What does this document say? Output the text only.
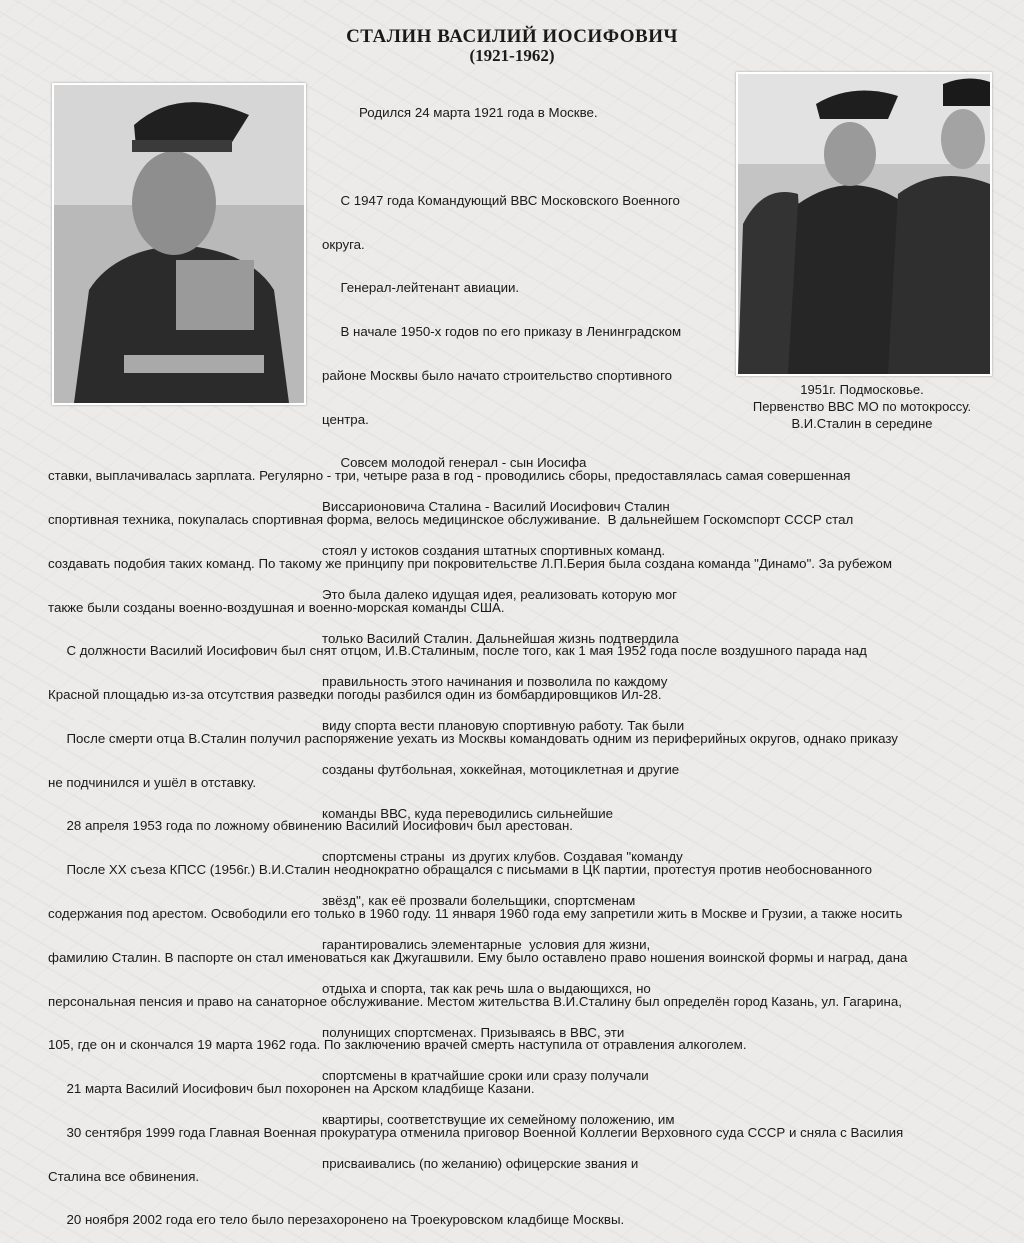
СТАЛИН ВАСИЛИЙ ИОСИФОВИЧ
(1921-1962)
1951г. Подмосковье.
Первенство ВВС МО по мотокроссу.
В.И.Сталин в середине

Родился 24 марта 1921 года в Москве.

С 1947 года Командующий ВВС Московского Военного

округа.

Генерал-лейтенант авиации.

В начале 1950-х годов по его приказу в Ленинградском

районе Москвы было начато строительство спортивного

центра.

Совсем молодой генерал - сын Иосифа

Виссарионовича Сталина - Василий Иосифович Сталин

стоял у истоков создания штатных спортивных команд.

Это была далеко идущая идея, реализовать которую мог

только Василий Сталин. Дальнейшая жизнь подтвердила

правильность этого начинания и позволила по каждому

виду спорта вести плановую спортивную работу. Так были

созданы футбольная, хоккейная, мотоциклетная и другие

команды ВВС, куда переводились сильнейшие

спортсмены страны  из других клубов. Создавая "команду

звёзд", как её прозвали болельщики, спортсменам

гарантировались элементарные  условия для жизни,

отдыха и спорта, так как речь шла о выдающихся, но

полунищих спортсменах. Призываясь в ВВС, эти

спортсмены в кратчайшие сроки или сразу получали

квартиры, соответствущие их семейному положению, им

присваивались (по желанию) офицерские звания и

ставки, выплачивалась зарплата. Регулярно - три, четыре раза в год - проводились сборы, предоставлялась самая совершенная

спортивная техника, покупалась спортивная форма, велось медицинское обслуживание.  В дальнейшем Госкомспорт СССР стал

создавать подобия таких команд. По такому же принципу при покровительстве Л.П.Берия была создана команда "Динамо". За рубежом

также были созданы военно-воздушная и военно-морская команды США.

С должности Василий Иосифович был снят отцом, И.В.Сталиным, после того, как 1 мая 1952 года после воздушного парада над

Красной площадью из-за отсутствия разведки погоды разбился один из бомбардировщиков Ил-28.

После смерти отца В.Сталин получил распоряжение уехать из Москвы командовать одним из периферийных округов, однако приказу

не подчинился и ушёл в отставку.

28 апреля 1953 года по ложному обвинению Василий Иосифович был арестован.

После XX съеза КПСС (1956г.) В.И.Сталин неоднократно обращался с письмами в ЦК партии, протестуя против необоснованного

содержания под арестом. Освободили его только в 1960 году. 11 января 1960 года ему запретили жить в Москве и Грузии, а также носить

фамилию Сталин. В паспорте он стал именоваться как Джугашвили. Ему было оставлено право ношения воинской формы и наград, дана

персональная пенсия и право на санаторное обслуживание. Местом жительства В.И.Сталину был определён город Казань, ул. Гагарина,

105, где он и скончался 19 марта 1962 года. По заключению врачей смерть наступила от отравления алкоголем.

21 марта Василий Иосифович был похоронен на Арском кладбище Казани.

30 сентября 1999 года Главная Военная прокуратура отменила приговор Военной Коллегии Верховного суда СССР и сняла с Василия

Сталина все обвинения.

20 ноября 2002 года его тело было перезахоронено на Троекуровском кладбище Москвы.
